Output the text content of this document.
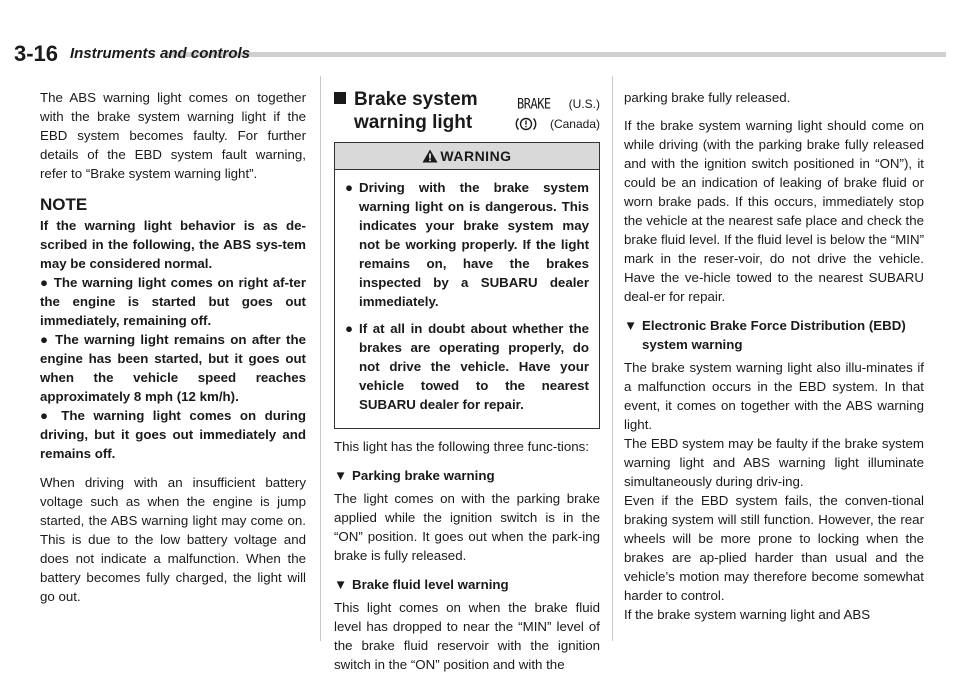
3-16 Instruments and controls

The ABS warning light comes on together with the brake system warning light if the EBD system becomes faulty. For further details of the EBD system fault warning, refer to “Brake system warning light”.

NOTE
If the warning light behavior is as de-scribed in the following, the ABS sys-tem may be considered normal.
● The warning light comes on right af-ter the engine is started but goes out immediately, remaining off.
● The warning light remains on after the engine has been started, but it goes out when the vehicle speed reaches approximately 8 mph (12 km/h).
● The warning light comes on during driving, but it goes out immediately and remains off.

When driving with an insufficient battery voltage such as when the engine is jump started, the ABS warning light may come on. This is due to the low battery voltage and does not indicate a malfunction. When the battery becomes fully charged, the light will go out.

Brake system
warning light
BRAKE (U.S.)
(Canada)
WARNING
● Driving with the brake system warning light on is dangerous. This indicates your brake system may not be working properly. If the light remains on, have the brakes inspected by a SUBARU dealer immediately.
● If at all in doubt about whether the brakes are operating properly, do not drive the vehicle. Have your vehicle towed to the nearest SUBARU dealer for repair.

This light has the following three func-tions:

▼ Parking brake warning

The light comes on with the parking brake applied while the ignition switch is in the “ON” position. It goes out when the park-ing brake is fully released.

▼ Brake fluid level warning

This light comes on when the brake fluid level has dropped to near the “MIN” level of the brake fluid reservoir with the ignition switch in the “ON” position and with the

parking brake fully released.

If the brake system warning light should come on while driving (with the parking brake fully released and with the ignition switch positioned in “ON”), it could be an indication of leaking of brake fluid or worn brake pads. If this occurs, immediately stop the vehicle at the nearest safe place and check the brake fluid level. If the fluid level is below the “MIN” mark in the reser-voir, do not drive the vehicle. Have the ve-hicle towed to the nearest SUBARU deal-er for repair.

▼ Electronic Brake Force Distribution (EBD) system warning

The brake system warning light also illu-minates if a malfunction occurs in the EBD system. In that event, it comes on together with the ABS warning light.

The EBD system may be faulty if the brake system warning light and ABS warning light illuminate simultaneously during driv-ing.

Even if the EBD system fails, the conven-tional braking system will still function. However, the rear wheels will be more prone to locking when the brakes are ap-plied harder than usual and the vehicle’s motion may therefore become somewhat harder to control.

If the brake system warning light and ABS
